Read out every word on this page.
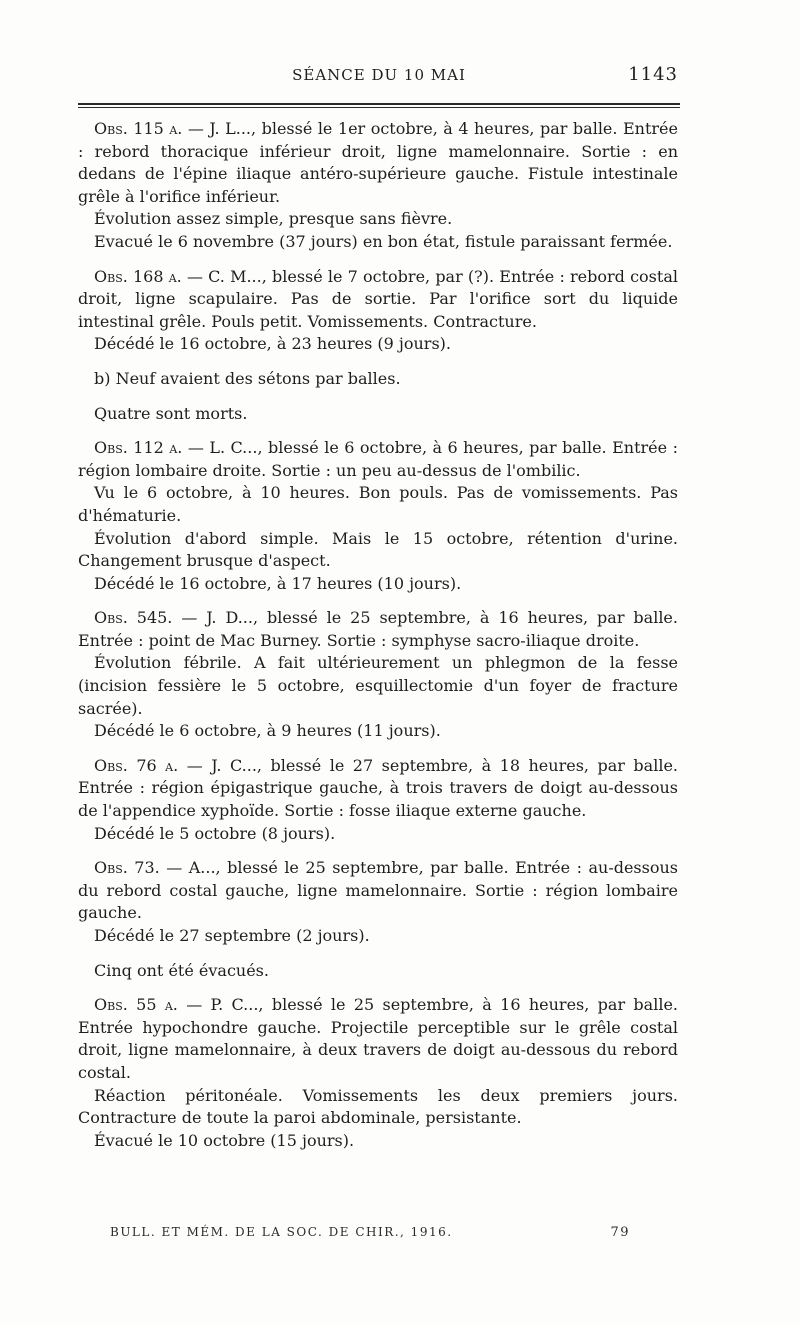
SÉANCE DU 10 MAI	1143

Obs. 115 a. — J. L..., blessé le 1er octobre, à 4 heures, par balle. Entrée : rebord thoracique inférieur droit, ligne mamelonnaire. Sortie : en dedans de l'épine iliaque antéro-supérieure gauche. Fistule intestinale grêle à l'orifice inférieur.

Évolution assez simple, presque sans fièvre.

Evacué le 6 novembre (37 jours) en bon état, fistule paraissant fermée.

Obs. 168 a. — C. M..., blessé le 7 octobre, par (?). Entrée : rebord costal droit, ligne scapulaire. Pas de sortie. Par l'orifice sort du liquide intestinal grêle. Pouls petit. Vomissements. Contracture.

Décédé le 16 octobre, à 23 heures (9 jours).

b) Neuf avaient des sétons par balles.

Quatre sont morts.

Obs. 112 a. — L. C..., blessé le 6 octobre, à 6 heures, par balle. Entrée : région lombaire droite. Sortie : un peu au-dessus de l'ombilic.

Vu le 6 octobre, à 10 heures. Bon pouls. Pas de vomissements. Pas d'hématurie.

Évolution d'abord simple. Mais le 15 octobre, rétention d'urine. Changement brusque d'aspect.

Décédé le 16 octobre, à 17 heures (10 jours).

Obs. 545. — J. D..., blessé le 25 septembre, à 16 heures, par balle. Entrée : point de Mac Burney. Sortie : symphyse sacro-iliaque droite.

Évolution fébrile. A fait ultérieurement un phlegmon de la fesse (incision fessière le 5 octobre, esquillectomie d'un foyer de fracture sacrée).

Décédé le 6 octobre, à 9 heures (11 jours).

Obs. 76 a. — J. C..., blessé le 27 septembre, à 18 heures, par balle. Entrée : région épigastrique gauche, à trois travers de doigt au-dessous de l'appendice xyphoïde. Sortie : fosse iliaque externe gauche.

Décédé le 5 octobre (8 jours).

Obs. 73. — A..., blessé le 25 septembre, par balle. Entrée : au-dessous du rebord costal gauche, ligne mamelonnaire. Sortie : région lombaire gauche.

Décédé le 27 septembre (2 jours).

Cinq ont été évacués.

Obs. 55 a. — P. C..., blessé le 25 septembre, à 16 heures, par balle. Entrée hypochondre gauche. Projectile perceptible sur le grêle costal droit, ligne mamelonnaire, à deux travers de doigt au-dessous du rebord costal.

Réaction péritonéale. Vomissements les deux premiers jours. Contracture de toute la paroi abdominale, persistante.

Évacué le 10 octobre (15 jours).

BULL. ET MÉM. DE LA SOC. DE CHIR., 1916.	79
